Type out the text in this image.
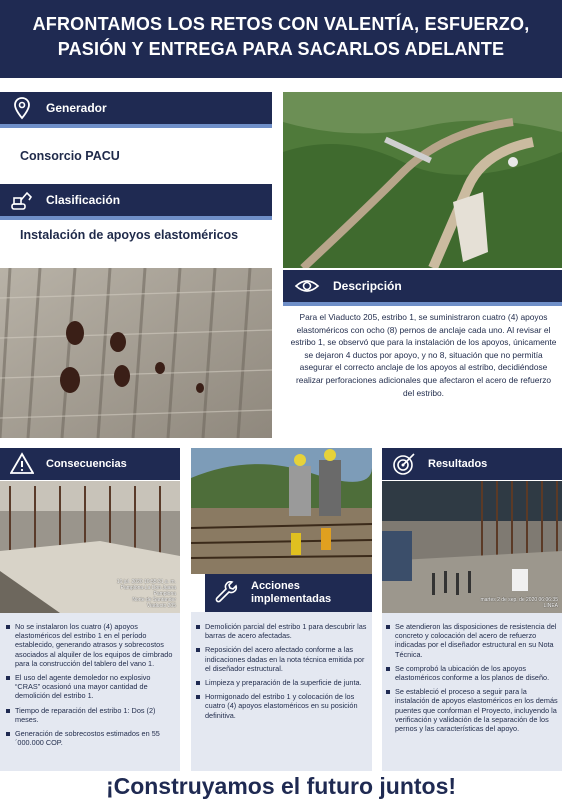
AFRONTAMOS LOS RETOS CON VALENTÍA, ESFUERZO, PASIÓN Y ENTREGA PARA SACARLOS ADELANTE
Generador
Consorcio PACU
Clasificación
Instalación de apoyos elastoméricos
Descripción
Para el Viaducto 205, estribo 1, se suministraron cuatro (4) apoyos elastoméricos con ocho (8) pernos de anclaje cada uno. Al revisar el estribo 1, se observó que para la instalación de los apoyos, únicamente se dejaron 4 ductos por apoyo, y no 8, situación que no permitía asegurar el correcto anclaje de los apoyos al estribo, decidiéndose realizar perforaciones adicionales que afectaron el acero de refuerzo del estribo.
Consecuencias
16 jul. 2020 10:55:31 a. m.
Pamplona-La Don Juana
Pamplona
Norte de Santander
Viaducto 205
No se instalaron los cuatro (4) apoyos elastoméricos del estribo 1 en el período establecido, generando atrasos y sobrecostos asociados al alquiler de los equipos de cimbrado para la construcción del tablero del vano 1.
El uso del agente demoledor no explosivo “CRAS” ocasionó una mayor cantidad de demolición del estribo 1.
Tiempo de reparación del estribo 1: Dos (2) meses.
Generación de sobrecostos estimados en 55´000.000 COP.
Acciones implementadas
Demolición parcial del estribo 1 para descubrir las barras de acero afectadas.
Reposición del acero afectado conforme a las indicaciones dadas en la nota técnica emitida por el diseñador estructural.
Limpieza y preparación de la superficie de junta.
Hormigonado del estribo 1 y colocación de los cuatro (4) apoyos elastoméricos en su posición definitiva.
Resultados
martes 2 de sep. de 2020 06:06:35
LINEA
Se atendieron las disposiciones de resistencia del concreto y colocación del acero de refuerzo indicadas por el diseñador estructural en su Nota Técnica.
Se comprobó la ubicación de los apoyos elastoméricos conforme a los planos de diseño.
Se estableció el proceso a seguir para la instalación de apoyos elastoméricos en los demás puentes que conforman el Proyecto, incluyendo la verificación y validación de la separación de los pernos y las características del apoyo.
¡Construyamos el futuro juntos!
